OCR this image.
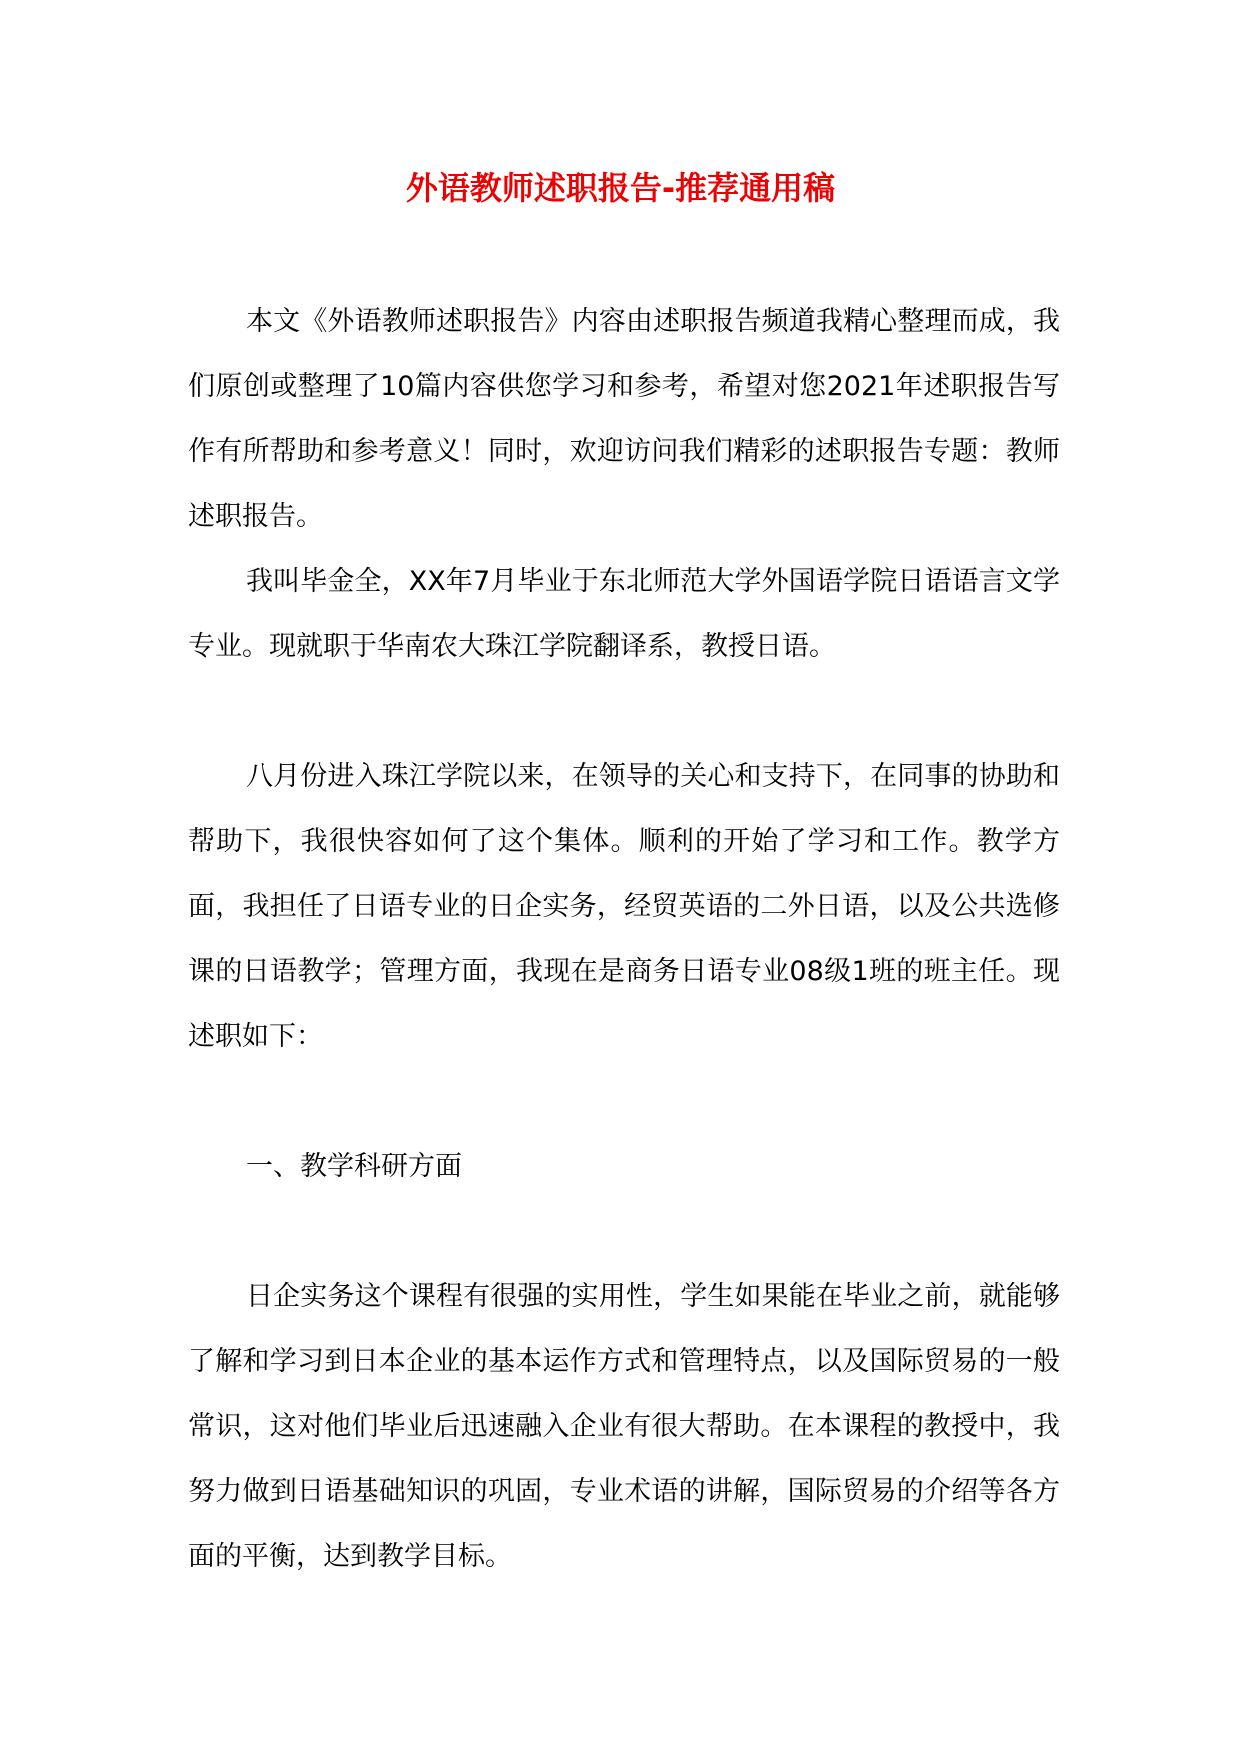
外语教师述职报告-推荐通用稿

本文《外语教师述职报告》内容由述职报告频道我精心整理而成，我们原创或整理了10篇内容供您学习和参考，希望对您2021年述职报告写作有所帮助和参考意义！同时，欢迎访问我们精彩的述职报告专题：教师述职报告。

我叫毕金全，XX年7月毕业于东北师范大学外国语学院日语语言文学专业。现就职于华南农大珠江学院翻译系，教授日语。

八月份进入珠江学院以来，在领导的关心和支持下，在同事的协助和帮助下，我很快容如何了这个集体。顺利的开始了学习和工作。教学方面，我担任了日语专业的日企实务，经贸英语的二外日语，以及公共选修课的日语教学；管理方面，我现在是商务日语专业08级1班的班主任。现述职如下：

一、教学科研方面

日企实务这个课程有很强的实用性，学生如果能在毕业之前，就能够了解和学习到日本企业的基本运作方式和管理特点，以及国际贸易的一般常识，这对他们毕业后迅速融入企业有很大帮助。在本课程的教授中，我努力做到日语基础知识的巩固，专业术语的讲解，国际贸易的介绍等各方面的平衡，达到教学目标。
